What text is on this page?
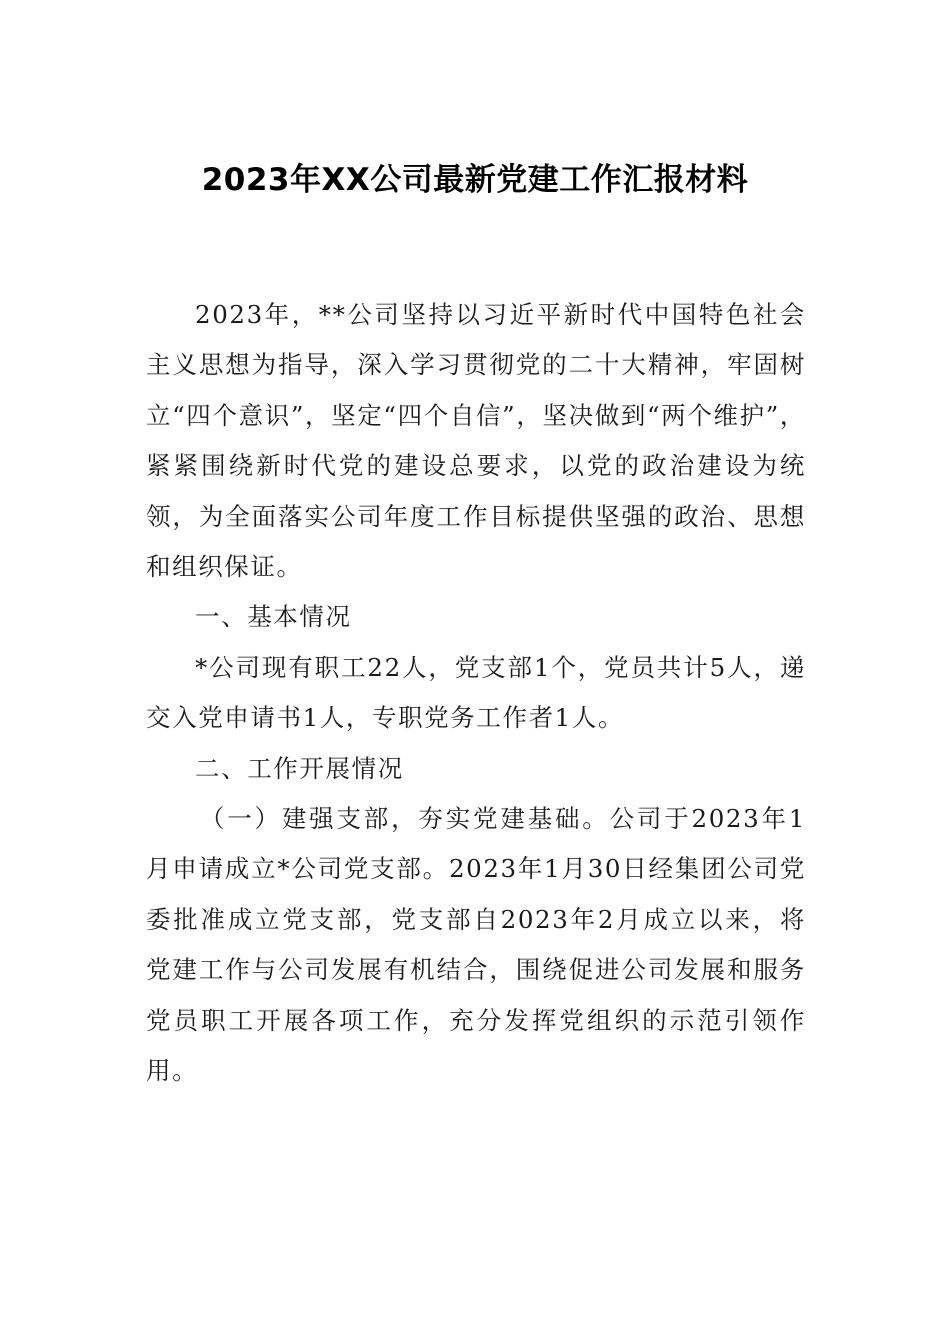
2023年XX公司最新党建工作汇报材料

2023年，**公司坚持以习近平新时代中国特色社会主义思想为指导，深入学习贯彻党的二十大精神，牢固树立“四个意识”，坚定“四个自信”，坚决做到“两个维护”，紧紧围绕新时代党的建设总要求，以党的政治建设为统领，为全面落实公司年度工作目标提供坚强的政治、思想和组织保证。

一、基本情况

*公司现有职工22人，党支部1个，党员共计5人，递交入党申请书1人，专职党务工作者1人。

二、工作开展情况

（一）建强支部，夯实党建基础。公司于2023年1月申请成立*公司党支部。2023年1月30日经集团公司党委批准成立党支部，党支部自2023年2月成立以来，将党建工作与公司发展有机结合，围绕促进公司发展和服务党员职工开展各项工作，充分发挥党组织的示范引领作用。
